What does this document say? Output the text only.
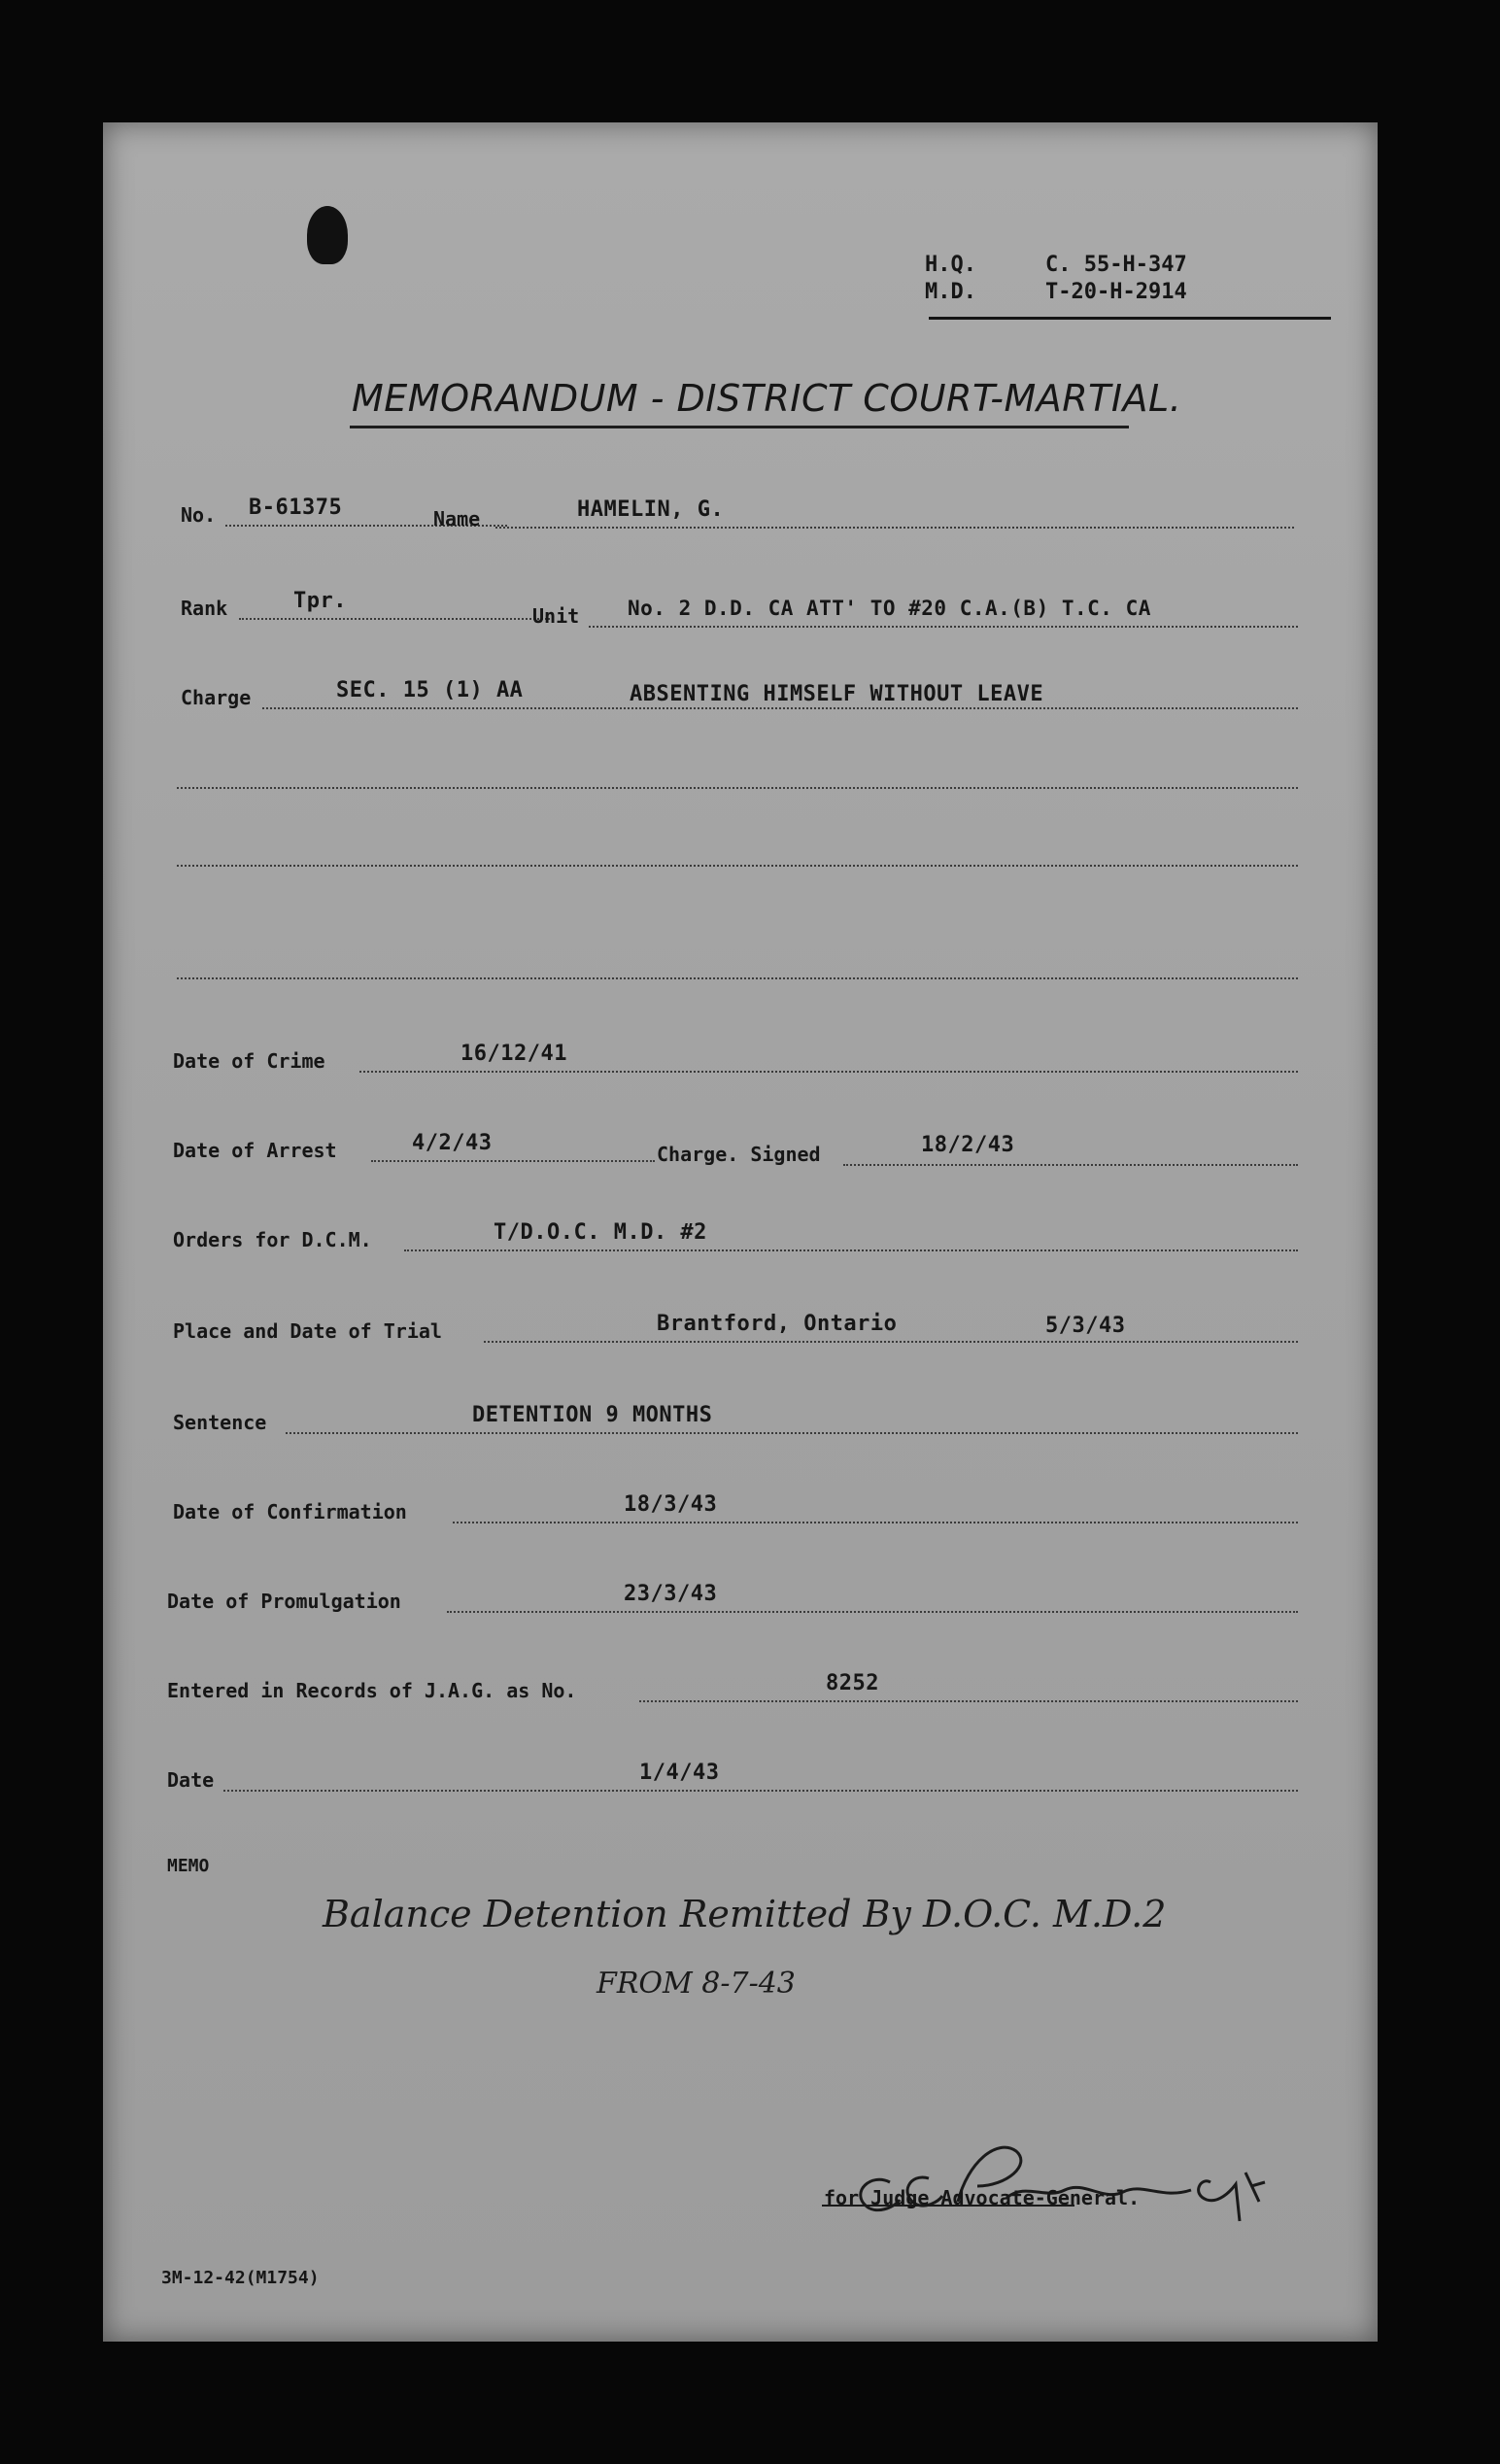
H.Q.	C. 55-H-347
M.D.	T-20-H-2914
MEMORANDUM - DISTRICT COURT-MARTIAL.
No. B-61375	Name	HAMELIN, G.
Rank	Tpr.
Unit No. 2 D.D. CA ATT' TO #20 C.A.(B) T.C. CA
Charge	SEC. 15 (1) AA	ABSENTING HIMSELF WITHOUT LEAVE
Date of Crime	16/12/41
Date of Arrest	4/2/43	Charge. Signed	18/2/43
Orders for D.C.M.	T/D.O.C. M.D. #2
Place and Date of Trial	Brantford, Ontario	5/3/43
Sentence	DETENTION 9 MONTHS
Date of Confirmation	18/3/43
Date of Promulgation	23/3/43
Entered in Records of J.A.G. as No.	8252
Date	1/4/43
MEMO
Balance Detention Remitted By D.O.C. M.D.2
FROM 8-7-43
for Judge Advocate-General.
3M-12-42(M1754)
